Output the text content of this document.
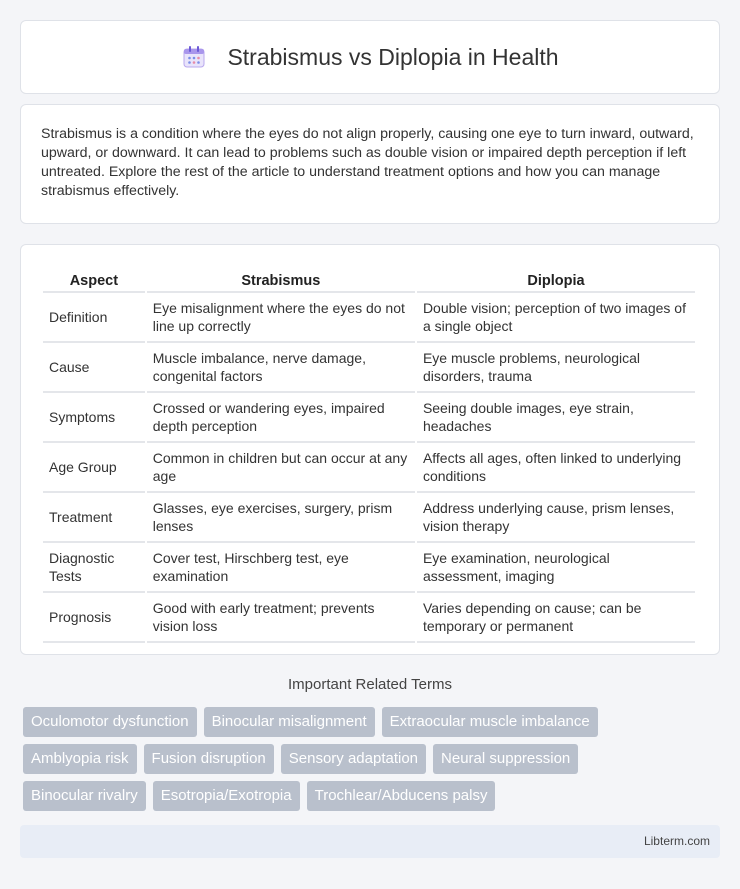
Strabismus vs Diplopia in Health

Strabismus is a condition where the eyes do not align properly, causing one eye to turn inward, outward, upward, or downward. It can lead to problems such as double vision or impaired depth perception if left untreated. Explore the rest of the article to understand treatment options and how you can manage strabismus effectively.

Aspect	Strabismus	Diplopia
Definition	Eye misalignment where the eyes do not line up correctly	Double vision; perception of two images of a single object
Cause	Muscle imbalance, nerve damage, congenital factors	Eye muscle problems, neurological disorders, trauma
Symptoms	Crossed or wandering eyes, impaired depth perception	Seeing double images, eye strain, headaches
Age Group	Common in children but can occur at any age	Affects all ages, often linked to underlying conditions
Treatment	Glasses, eye exercises, surgery, prism lenses	Address underlying cause, prism lenses, vision therapy
Diagnostic Tests	Cover test, Hirschberg test, eye examination	Eye examination, neurological assessment, imaging
Prognosis	Good with early treatment; prevents vision loss	Varies depending on cause; can be temporary or permanent
Important Related Terms
Oculomotor dysfunction	Binocular misalignment	Extraocular muscle imbalance
Amblyopia risk	Fusion disruption	Sensory adaptation	Neural suppression
Binocular rivalry	Esotropia/Exotropia	Trochlear/Abducens palsy
Libterm.com
